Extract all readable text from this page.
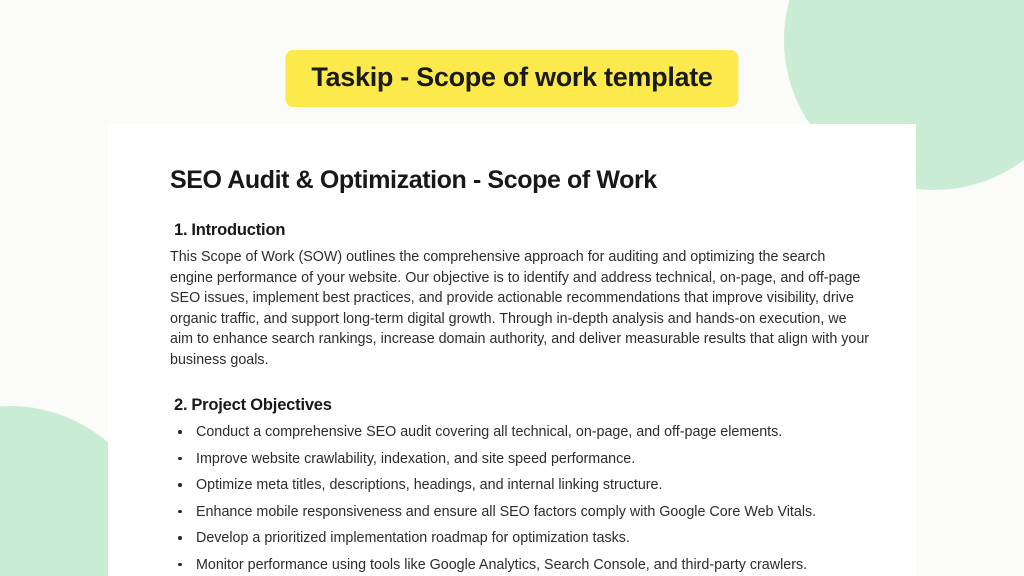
Taskip - Scope of work template
SEO Audit & Optimization - Scope of Work
1. Introduction

This Scope of Work (SOW) outlines the comprehensive approach for auditing and optimizing the search engine performance of your website. Our objective is to identify and address technical, on-page, and off-page SEO issues, implement best practices, and provide actionable recommendations that improve visibility, drive organic traffic, and support long-term digital growth. Through in-depth analysis and hands-on execution, we aim to enhance search rankings, increase domain authority, and deliver measurable results that align with your business goals.

2. Project Objectives
Conduct a comprehensive SEO audit covering all technical, on-page, and off-page elements.
Improve website crawlability, indexation, and site speed performance.
Optimize meta titles, descriptions, headings, and internal linking structure.
Enhance mobile responsiveness and ensure all SEO factors comply with Google Core Web Vitals.
Develop a prioritized implementation roadmap for optimization tasks.
Monitor performance using tools like Google Analytics, Search Console, and third-party crawlers.
